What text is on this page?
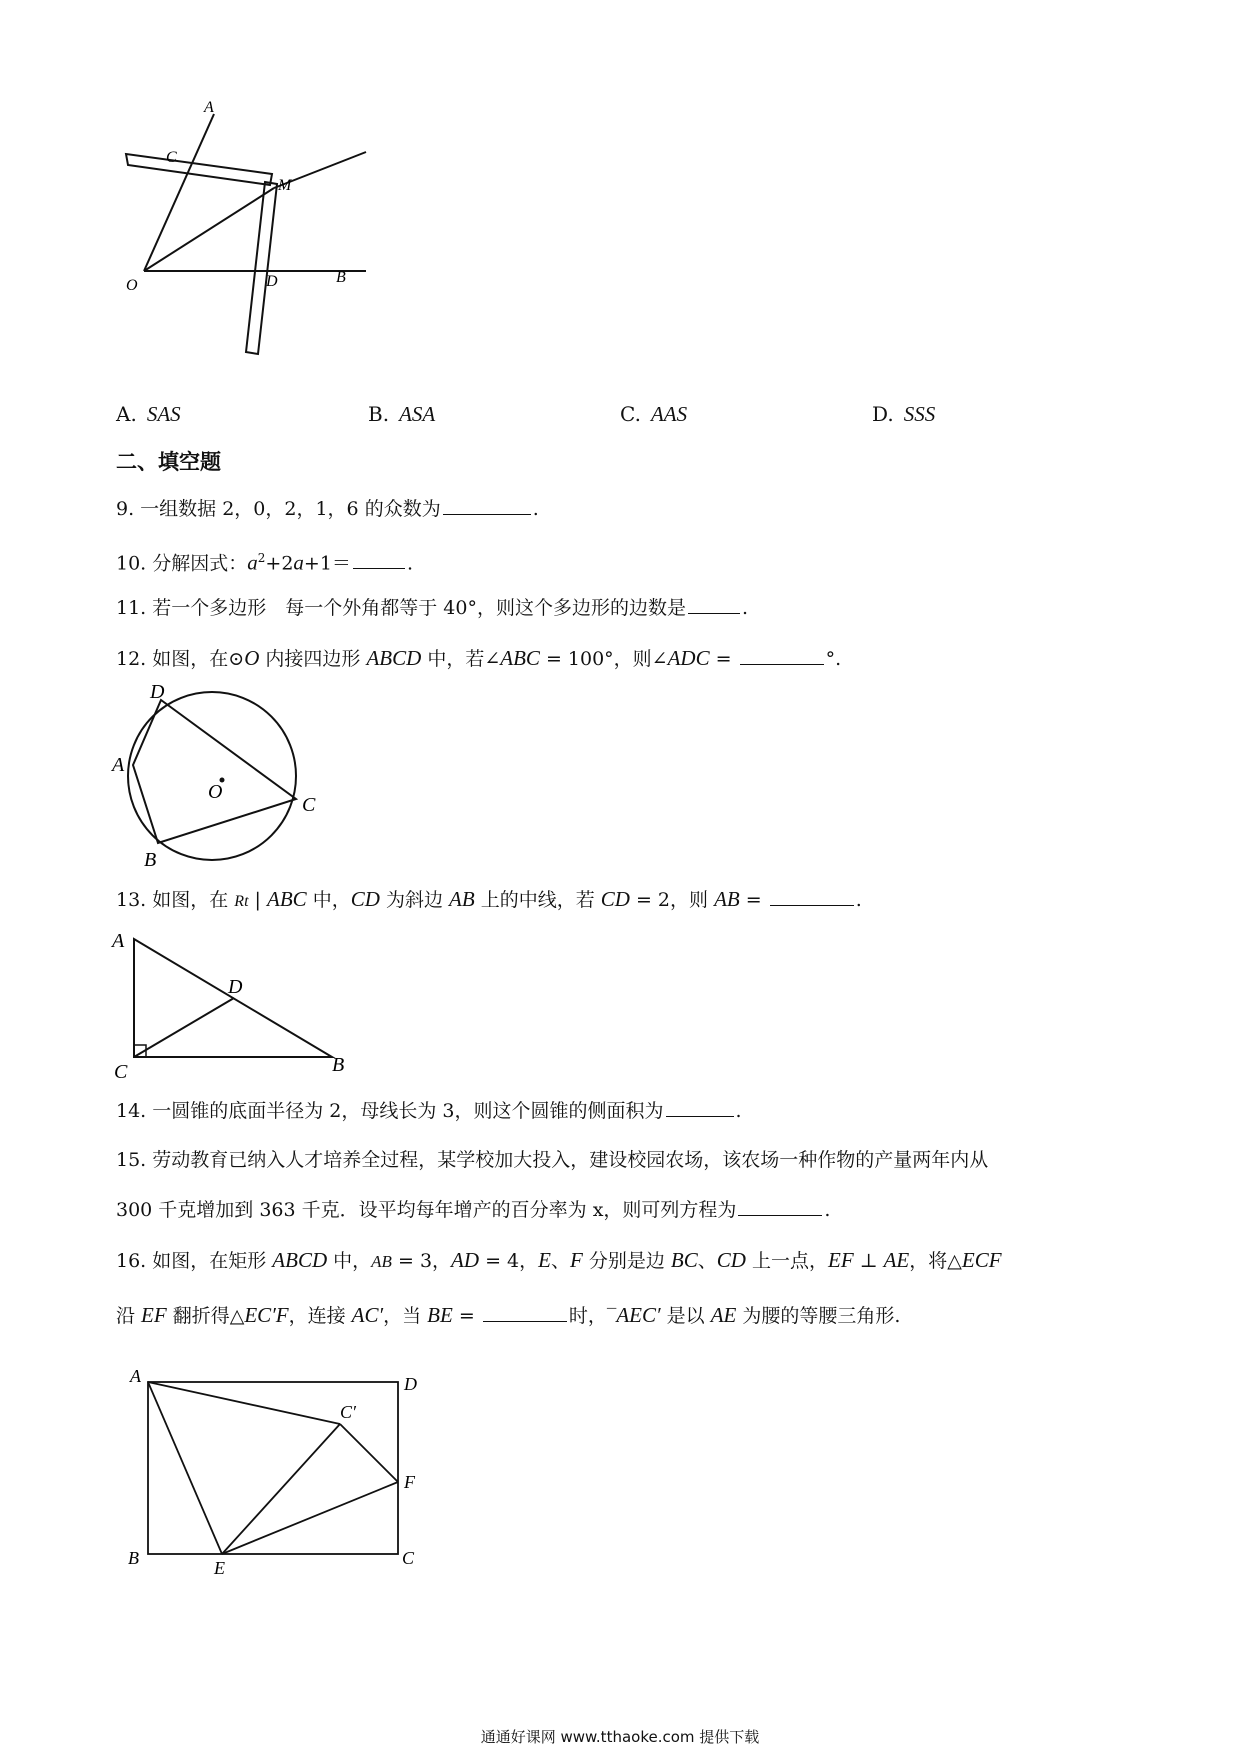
A
C
M
O	D	B
A. SAS	B. ASA	C. AAS	D. SSS
二、填空题
9. 一组数据 2，0，2，1，6 的众数为	.
10. 分解因式：$a^2+2a+1=$	.
11. 若一个多边形　每一个外角都等于 40°，则这个多边形的边数是	.
12. 如图，在⊙O 内接四边形 ABCD 中，若∠ABC = 100°，则∠ADC =	°.
D
A
O
C
B
13. 如图，在 Rt | ABC 中，CD 为斜边 AB 上的中线，若 CD = 2，则 AB =	.
A
D
C	B
14. 一圆锥的底面半径为 2，母线长为 3，则这个圆锥的侧面积为	.
15. 劳动教育已纳入人才培养全过程，某学校加大投入，建设校园农场，该农场一种作物的产量两年内从
300 千克增加到 363 千克．设平均每年增产的百分率为 x，则可列方程为	.
16. 如图，在矩形 ABCD 中，AB = 3，AD = 4，E、F 分别是边 BC、CD 上一点，EF ⊥ AE，将△ECF
沿 EF 翻折得△EC′F，连接 AC′，当 BE =	时，‾AEC′ 是以 AE 为腰的等腰三角形.
A	D
C′
F
B	E	C
通通好课网 www.tthaoke.com 提供下载
